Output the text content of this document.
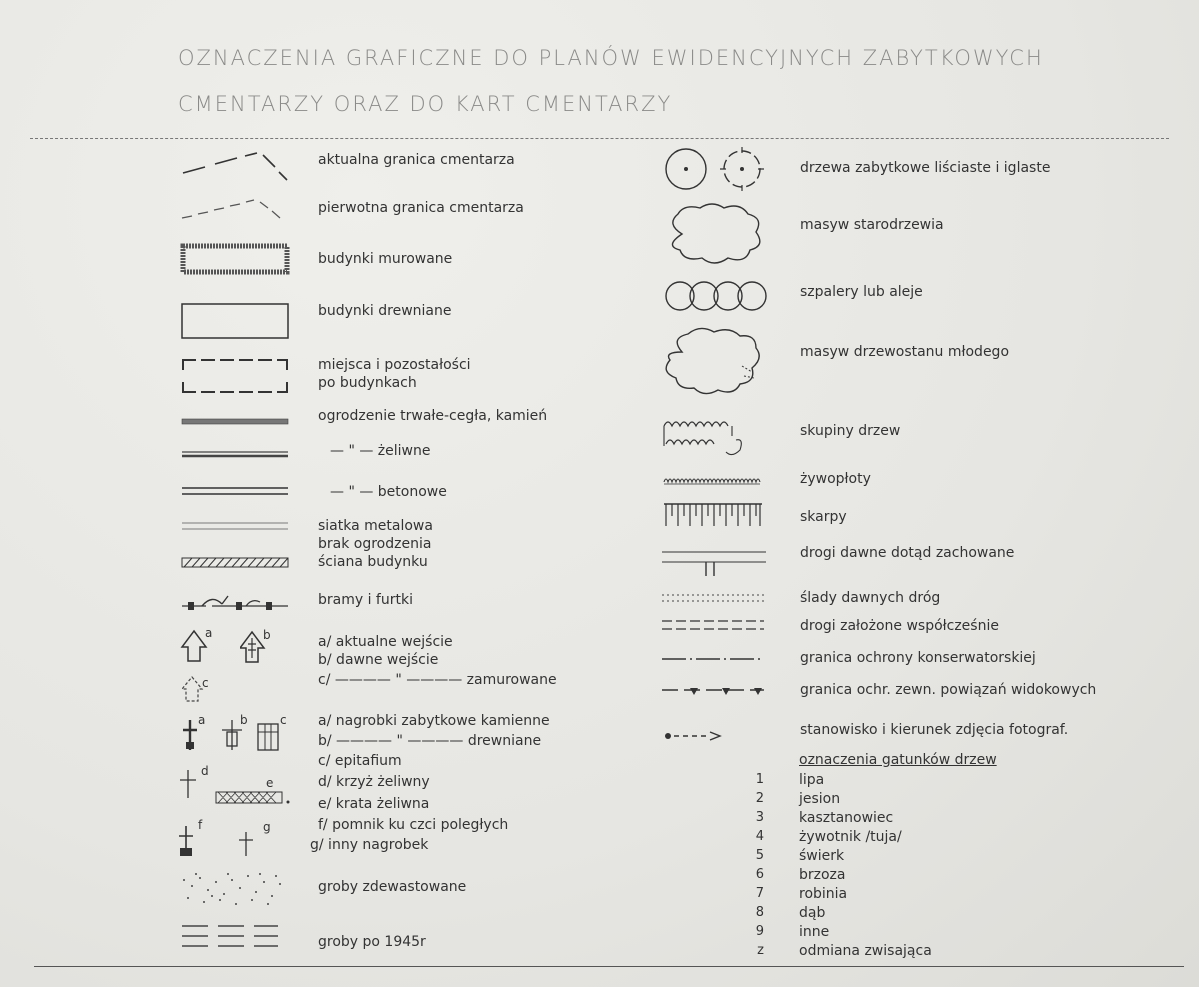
OZNACZENIA GRAFICZNE DO PLANÓW EWIDENCYJNYCH ZABYTKOWYCH
CMENTARZY ORAZ DO KART CMENTARZY
a	b
c
a	b	c
d
e
f	g
aktualna granica cmentarza
pierwotna granica cmentarza
budynki murowane
budynki drewniane
miejsca i pozostałości
po budynkach
ogrodzenie trwałe-cegła, kamień
— " — żeliwne
— " — betonowe
siatka metalowa
brak ogrodzenia
ściana budynku
bramy i furtki
a/ aktualne wejście
b/ dawne wejście
c/ ———— " ———— zamurowane
a/ nagrobki zabytkowe kamienne
b/ ———— " ———— drewniane
c/ epitafium
d/ krzyż żeliwny
e/ krata żeliwna
f/ pomnik ku czci poległych
g/ inny nagrobek
groby zdewastowane
groby po 1945r
drzewa zabytkowe liściaste i iglaste
masyw starodrzewia
szpalery lub aleje
masyw drzewostanu młodego
skupiny drzew
żywopłoty
skarpy
drogi dawne dotąd zachowane
ślady dawnych dróg
drogi założone współcześnie
granica ochrony konserwatorskiej
granica ochr. zewn. powiązań widokowych
stanowisko i kierunek zdjęcia fotograf.
oznaczenia gatunków drzew
1	lipa
2	jesion
3	kasztanowiec
4	żywotnik /tuja/
5	świerk
6	brzoza
7	robinia
8	dąb
9	inne
z	odmiana zwisająca
